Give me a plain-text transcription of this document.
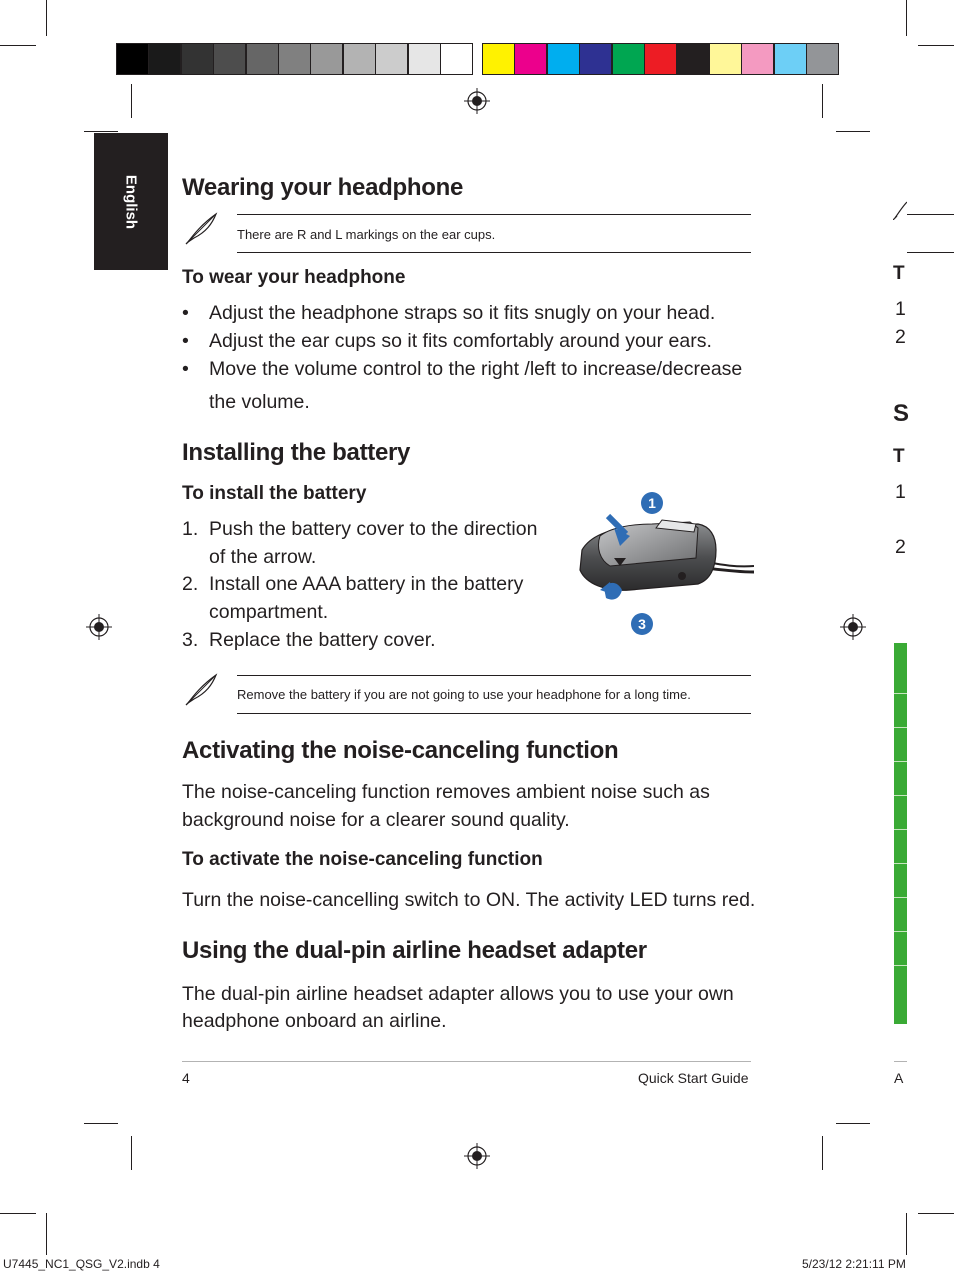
English Wearing your headphone
There are R and L markings on the ear cups.
To wear your headphone
• Adjust the headphone straps so it fits snugly on your head.
• Adjust the ear cups so it fits comfortably around your ears.
• Move the volume control to the right /left to increase/decrease
the volume.
Installing the battery
To install the battery
1. Push the battery cover to the direction
of the arrow.
2. Install one AAA battery in the battery
compartment.
3. Replace the battery cover.
1
3
Remove the battery if you are not going to use your headphone for a long time.
Activating the noise-canceling function
The noise-canceling function removes ambient noise such as
background noise for a clearer sound quality.
To activate the noise-canceling function
Turn the noise-cancelling switch to ON. The activity LED turns red.
Using the dual-pin airline headset adapter
The dual-pin airline headset adapter allows you to use your own
headphone onboard an airline.
4	Quick Start Guide
T
1
2
S
T
1
2
A
U7445_NC1_QSG_V2.indb 4	5/23/12 2:21:11 PM
